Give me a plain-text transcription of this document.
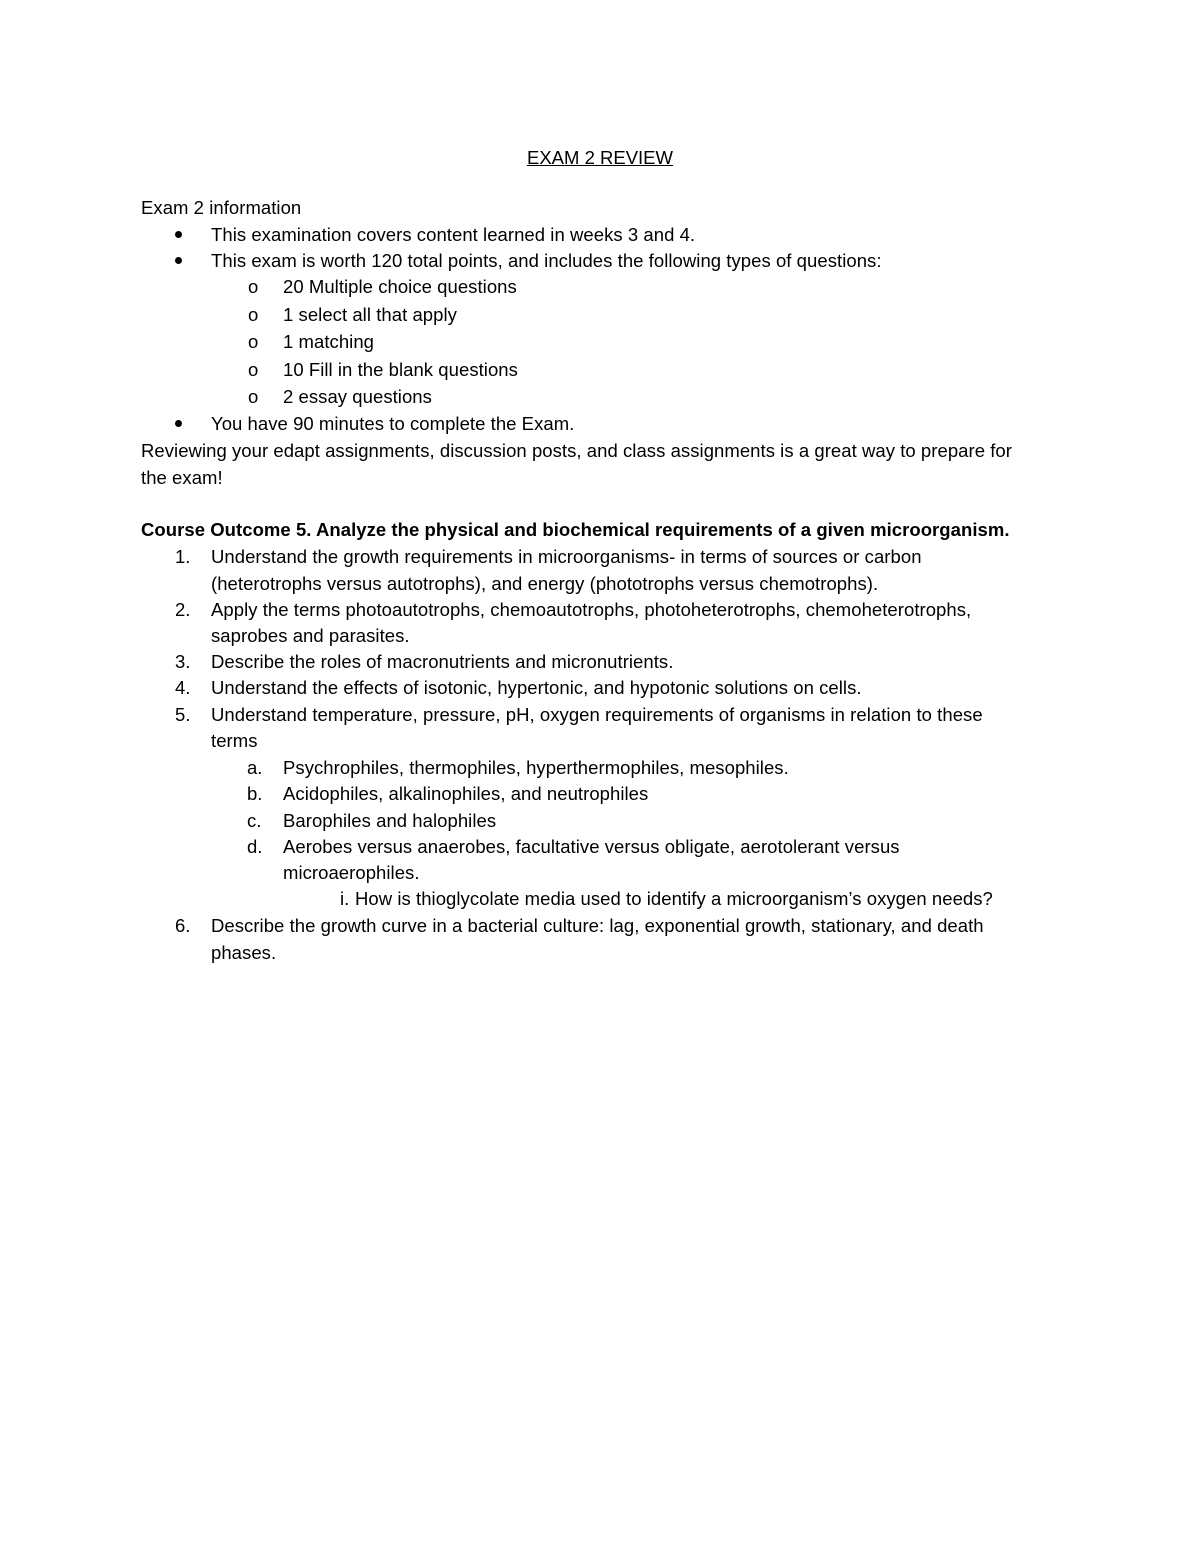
EXAM 2 REVIEW
Exam 2 information
This examination covers content learned in weeks 3 and 4.
This exam is worth 120 total points, and includes the following types of questions:
o 20 Multiple choice questions
o 1 select all that apply
o 1 matching
o 10 Fill in the blank questions
o 2 essay questions
You have 90 minutes to complete the Exam.
Reviewing your edapt assignments, discussion posts, and class assignments is a great way to prepare for
the exam!
Course Outcome 5. Analyze the physical and biochemical requirements of a given microorganism.
1. Understand the growth requirements in microorganisms- in terms of sources or carbon
(heterotrophs versus autotrophs), and energy (phototrophs versus chemotrophs).
2. Apply the terms photoautotrophs, chemoautotrophs, photoheterotrophs, chemoheterotrophs,
saprobes and parasites.
3. Describe the roles of macronutrients and micronutrients.
4. Understand the effects of isotonic, hypertonic, and hypotonic solutions on cells.
5. Understand temperature, pressure, pH, oxygen requirements of organisms in relation to these
terms
a. Psychrophiles, thermophiles, hyperthermophiles, mesophiles.
b. Acidophiles, alkalinophiles, and neutrophiles
c. Barophiles and halophiles
d. Aerobes versus anaerobes, facultative versus obligate, aerotolerant versus
microaerophiles.
i. How is thioglycolate media used to identify a microorganism’s oxygen needs?
6. Describe the growth curve in a bacterial culture: lag, exponential growth, stationary, and death
phases.
